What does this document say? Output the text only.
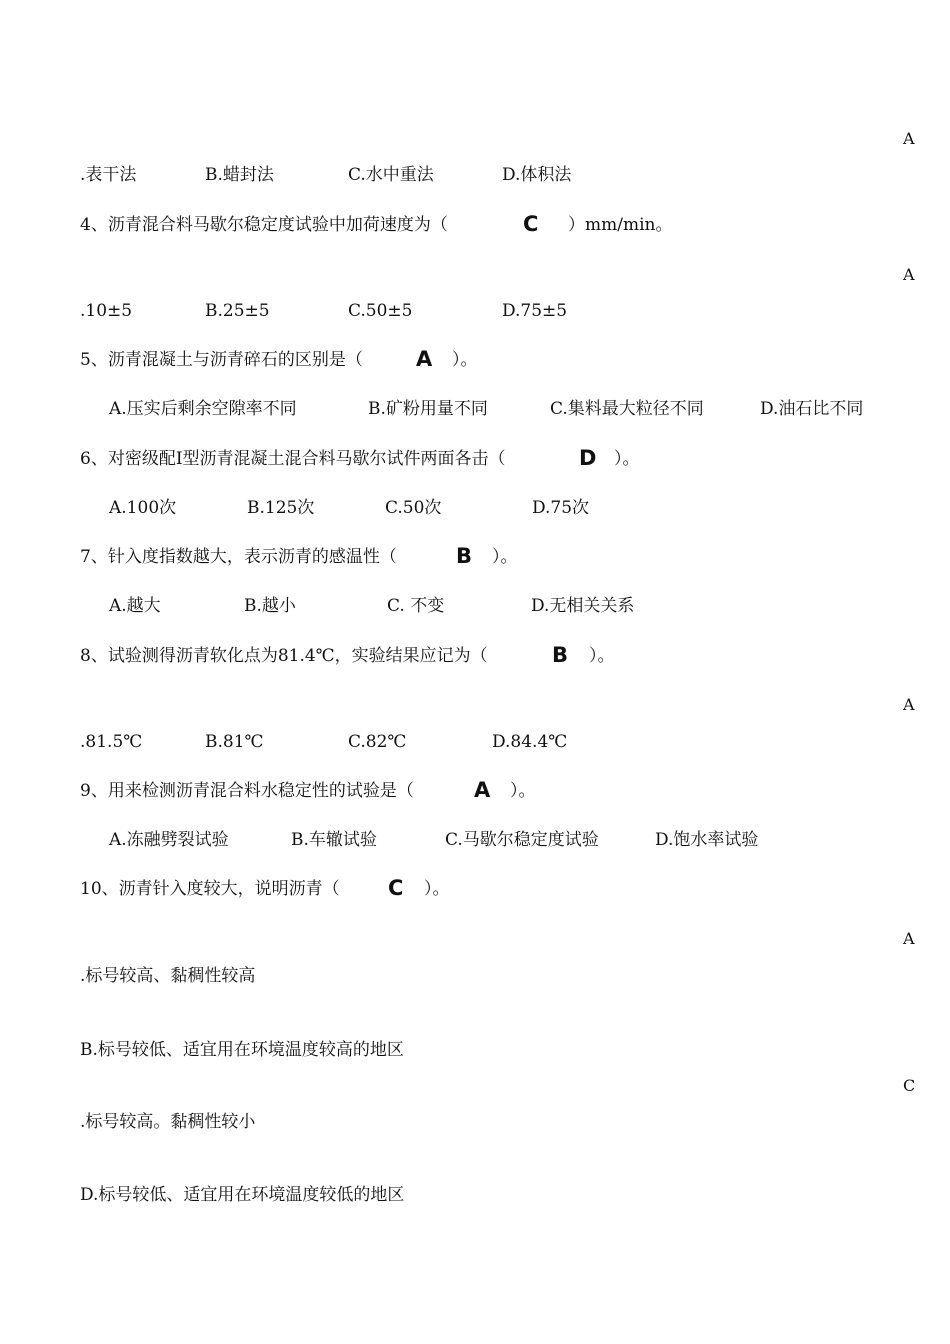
A
A
A
A
C
.表干法	B.蜡封法	C.水中重法	D.体积法
4、沥青混合料马歇尔稳定度试验中加荷速度为（	C ）mm/min。
.10±5	B.25±5	C.50±5	D.75±5
5、沥青混凝土与沥青碎石的区别是（	A ）。
A.压实后剩余空隙率不同	B.矿粉用量不同	C.集料最大粒径不同	D.油石比不同
6、对密级配Ⅰ型沥青混凝土混合料马歇尔试件两面各击（	D ）。
A.100次	B.125次	C.50次	D.75次
7、针入度指数越大，表示沥青的感温性（	B ）。
A.越大	B.越小	C. 不变	D.无相关关系
8、试验测得沥青软化点为81.4℃，实验结果应记为（	B ）。
.81.5℃	B.81℃	C.82℃	D.84.4℃
9、用来检测沥青混合料水稳定性的试验是（	A ）。
A.冻融劈裂试验	B.车辙试验	C.马歇尔稳定度试验	D.饱水率试验
10、沥青针入度较大，说明沥青（ C ）。
.标号较高、黏稠性较高
B.标号较低、适宜用在环境温度较高的地区
.标号较高。黏稠性较小
D.标号较低、适宜用在环境温度较低的地区
